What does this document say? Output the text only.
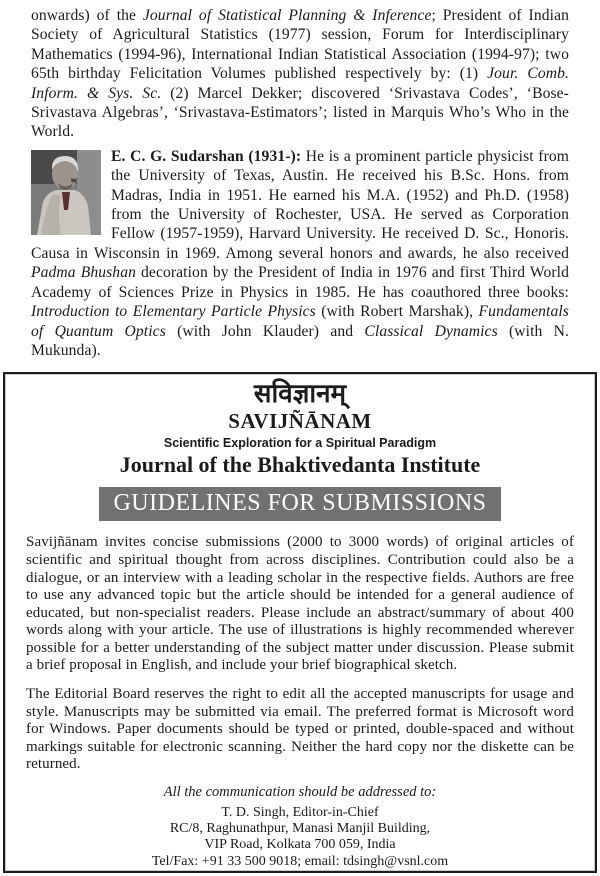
onwards) of the Journal of Statistical Planning & Inference; President of Indian Society of Agricultural Statistics (1977) session, Forum for Interdisciplinary Mathematics (1994-96), International Indian Statistical Association (1994-97); two 65th birthday Felicitation Volumes published respectively by: (1) Jour. Comb. Inform. & Sys. Sc. (2) Marcel Dekker; discovered ‘Srivastava Codes’, ‘Bose-Srivastava Algebras’, ‘Srivastava-Estimators’; listed in Marquis Who’s Who in the World.

E. C. G. Sudarshan (1931-): He is a prominent particle physicist from the University of Texas, Austin. He received his B.Sc. Hons. from Madras, India in 1951. He earned his M.A. (1952) and Ph.D. (1958) from the University of Rochester, USA. He served as Corporation Fellow (1957-1959), Harvard University. He received D. Sc., Honoris. Causa in Wisconsin in 1969. Among several honors and awards, he also received Padma Bhushan decoration by the President of India in 1976 and first Third World Academy of Sciences Prize in Physics in 1985. He has coauthored three books: Introduction to Elementary Particle Physics (with Robert Marshak), Fundamentals of Quantum Optics (with John Klauder) and Classical Dynamics (with N. Mukunda).

सविज्ञानम्
SAVIJÑĀNAM
Scientific Exploration for a Spiritual Paradigm
Journal of the Bhaktivedanta Institute
GUIDELINES FOR SUBMISSIONS

Savijñānam invites concise submissions (2000 to 3000 words) of original articles of scientific and spiritual thought from across disciplines. Contribution could also be a dialogue, or an interview with a leading scholar in the respective fields. Authors are free to use any advanced topic but the article should be intended for a general audience of educated, but non-specialist readers. Please include an abstract/summary of about 400 words along with your article. The use of illustrations is highly recommended wherever possible for a better understanding of the subject matter under discussion. Please submit a brief proposal in English, and include your brief biographical sketch.

The Editorial Board reserves the right to edit all the accepted manuscripts for usage and style. Manuscripts may be submitted via email. The preferred format is Microsoft word for Windows. Paper documents should be typed or printed, double-spaced and without markings suitable for electronic scanning. Neither the hard copy nor the diskette can be returned.

All the communication should be addressed to:
T. D. Singh, Editor-in-Chief
RC/8, Raghunathpur, Manasi Manjil Building,
VIP Road, Kolkata 700 059, India
Tel/Fax: +91 33 500 9018; email: tdsingh@vsnl.com
